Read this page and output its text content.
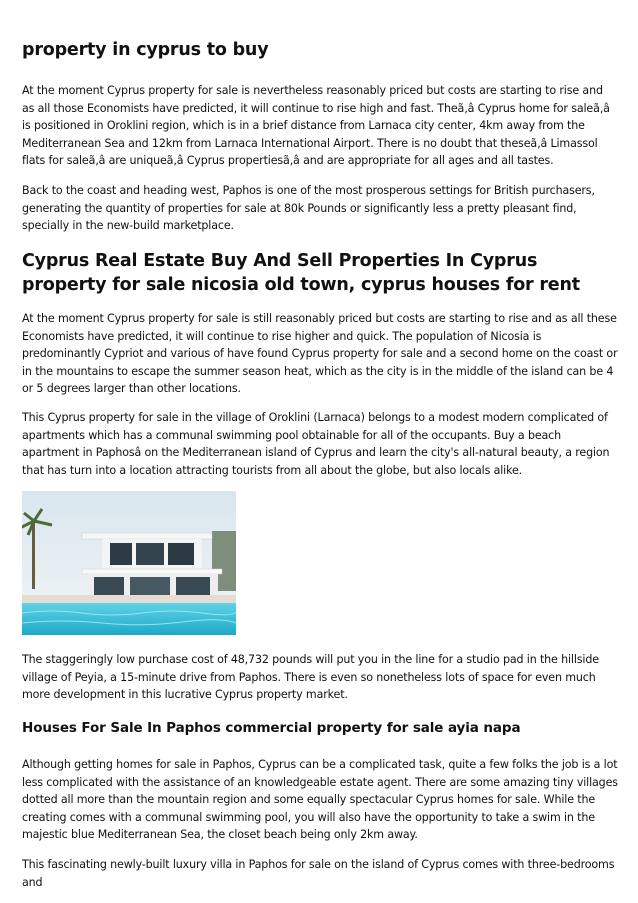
property in cyprus to buy

At the moment Cyprus property for sale is nevertheless reasonably priced but costs are starting to rise and as all those Economists have predicted, it will continue to rise high and fast. Theã‚â Cyprus home for saleã‚â is positioned in Oroklini region, which is in a brief distance from Larnaca city center, 4km away from the Mediterranean Sea and 12km from Larnaca International Airport. There is no doubt that theseã‚â Limassol flats for saleã‚â are uniqueã‚â Cyprus propertiesã‚â and are appropriate for all ages and all tastes.

Back to the coast and heading west, Paphos is one of the most prosperous settings for British purchasers, generating the quantity of properties for sale at 80k Pounds or significantly less a pretty pleasant find, specially in the new-build marketplace.

Cyprus Real Estate Buy And Sell Properties In Cyprus property for sale nicosia old town, cyprus houses for rent

At the moment Cyprus property for sale is still reasonably priced but costs are starting to rise and as all these Economists have predicted, it will continue to rise higher and quick. The population of Nicosia is predominantly Cypriot and various of have found Cyprus property for sale and a second home on the coast or in the mountains to escape the summer season heat, which as the city is in the middle of the island can be 4 or 5 degrees larger than other locations.

This Cyprus property for sale in the village of Oroklini (Larnaca) belongs to a modest modern complicated of apartments which has a communal swimming pool obtainable for all of the occupants. Buy a beach apartment in Paphosâ on the Mediterranean island of Cyprus and learn the city's all-natural beauty, a region that has turn into a location attracting tourists from all about the globe, but also locals alike.

The staggeringly low purchase cost of 48,732 pounds will put you in the line for a studio pad in the hillside village of Peyia, a 15-minute drive from Paphos. There is even so nonetheless lots of space for even much more development in this lucrative Cyprus property market.

Houses For Sale In Paphos commercial property for sale ayia napa

Although getting homes for sale in Paphos, Cyprus can be a complicated task, quite a few folks the job is a lot less complicated with the assistance of an knowledgeable estate agent. There are some amazing tiny villages dotted all more than the mountain region and some equally spectacular Cyprus homes for sale. While the creating comes with a communal swimming pool, you will also have the opportunity to take a swim in the majestic blue Mediterranean Sea, the closet beach being only 2km away.

This fascinating newly-built luxury villa in Paphos for sale on the island of Cyprus comes with three-bedrooms and
